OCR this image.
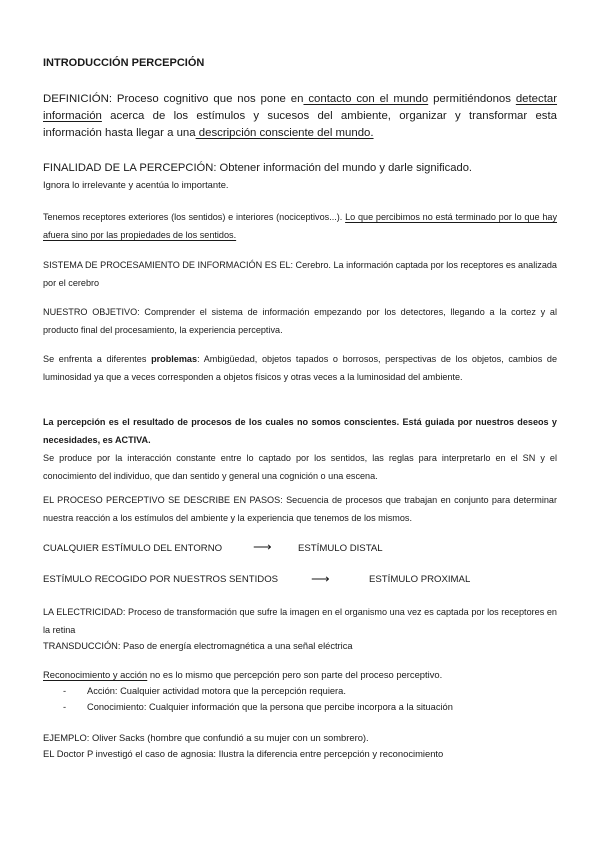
INTRODUCCIÓN PERCEPCIÓN
DEFINICIÓN: Proceso cognitivo que nos pone en contacto con el mundo permitiéndonos detectar información acerca de los estímulos y sucesos del ambiente, organizar y transformar esta información hasta llegar a una descripción consciente del mundo.
FINALIDAD DE LA PERCEPCIÓN: Obtener información del mundo y darle significado.
Ignora lo irrelevante y acentúa lo importante.
Tenemos receptores exteriores (los sentidos) e interiores (nociceptivos...). Lo que percibimos no está terminado por lo que hay afuera sino por las propiedades de los sentidos.
SISTEMA DE PROCESAMIENTO DE INFORMACIÓN ES EL: Cerebro. La información captada por los receptores es analizada por el cerebro
NUESTRO OBJETIVO: Comprender el sistema de información empezando por los detectores, llegando a la cortez y al producto final del procesamiento, la experiencia perceptiva.
Se enfrenta a diferentes problemas: Ambigüedad, objetos tapados o borrosos, perspectivas de los objetos, cambios de luminosidad ya que a veces corresponden a objetos físicos y otras veces a la luminosidad del ambiente.
La percepción es el resultado de procesos de los cuales no somos conscientes. Está guiada por nuestros deseos y necesidades, es ACTIVA.
Se produce por la interacción constante entre lo captado por los sentidos, las reglas para interpretarlo en el SN y el conocimiento del individuo, que dan sentido y general una cognición o una escena.
EL PROCESO PERCEPTIVO SE DESCRIBE EN PASOS: Secuencia de procesos que trabajan en conjunto para determinar nuestra reacción a los estímulos del ambiente y la experiencia que tenemos de los mismos.
CUALQUIER ESTÍMULO DEL ENTORNO ⟶	ESTÍMULO DISTAL
ESTÍMULO RECOGIDO POR NUESTROS SENTIDOS	⟶	ESTÍMULO PROXIMAL
LA ELECTRICIDAD: Proceso de transformación que sufre la imagen en el organismo una vez es captada por los receptores en la retina
TRANSDUCCIÓN: Paso de energía electromagnética a una señal eléctrica
Reconocimiento y acción no es lo mismo que percepción pero son parte del proceso perceptivo.
- Acción: Cualquier actividad motora que la percepción requiera.
- Conocimiento: Cualquier información que la persona que percibe incorpora a la situación
EJEMPLO: Oliver Sacks (hombre que confundió a su mujer con un sombrero).
EL Doctor P investigó el caso de agnosia: Ilustra la diferencia entre percepción y reconocimiento
